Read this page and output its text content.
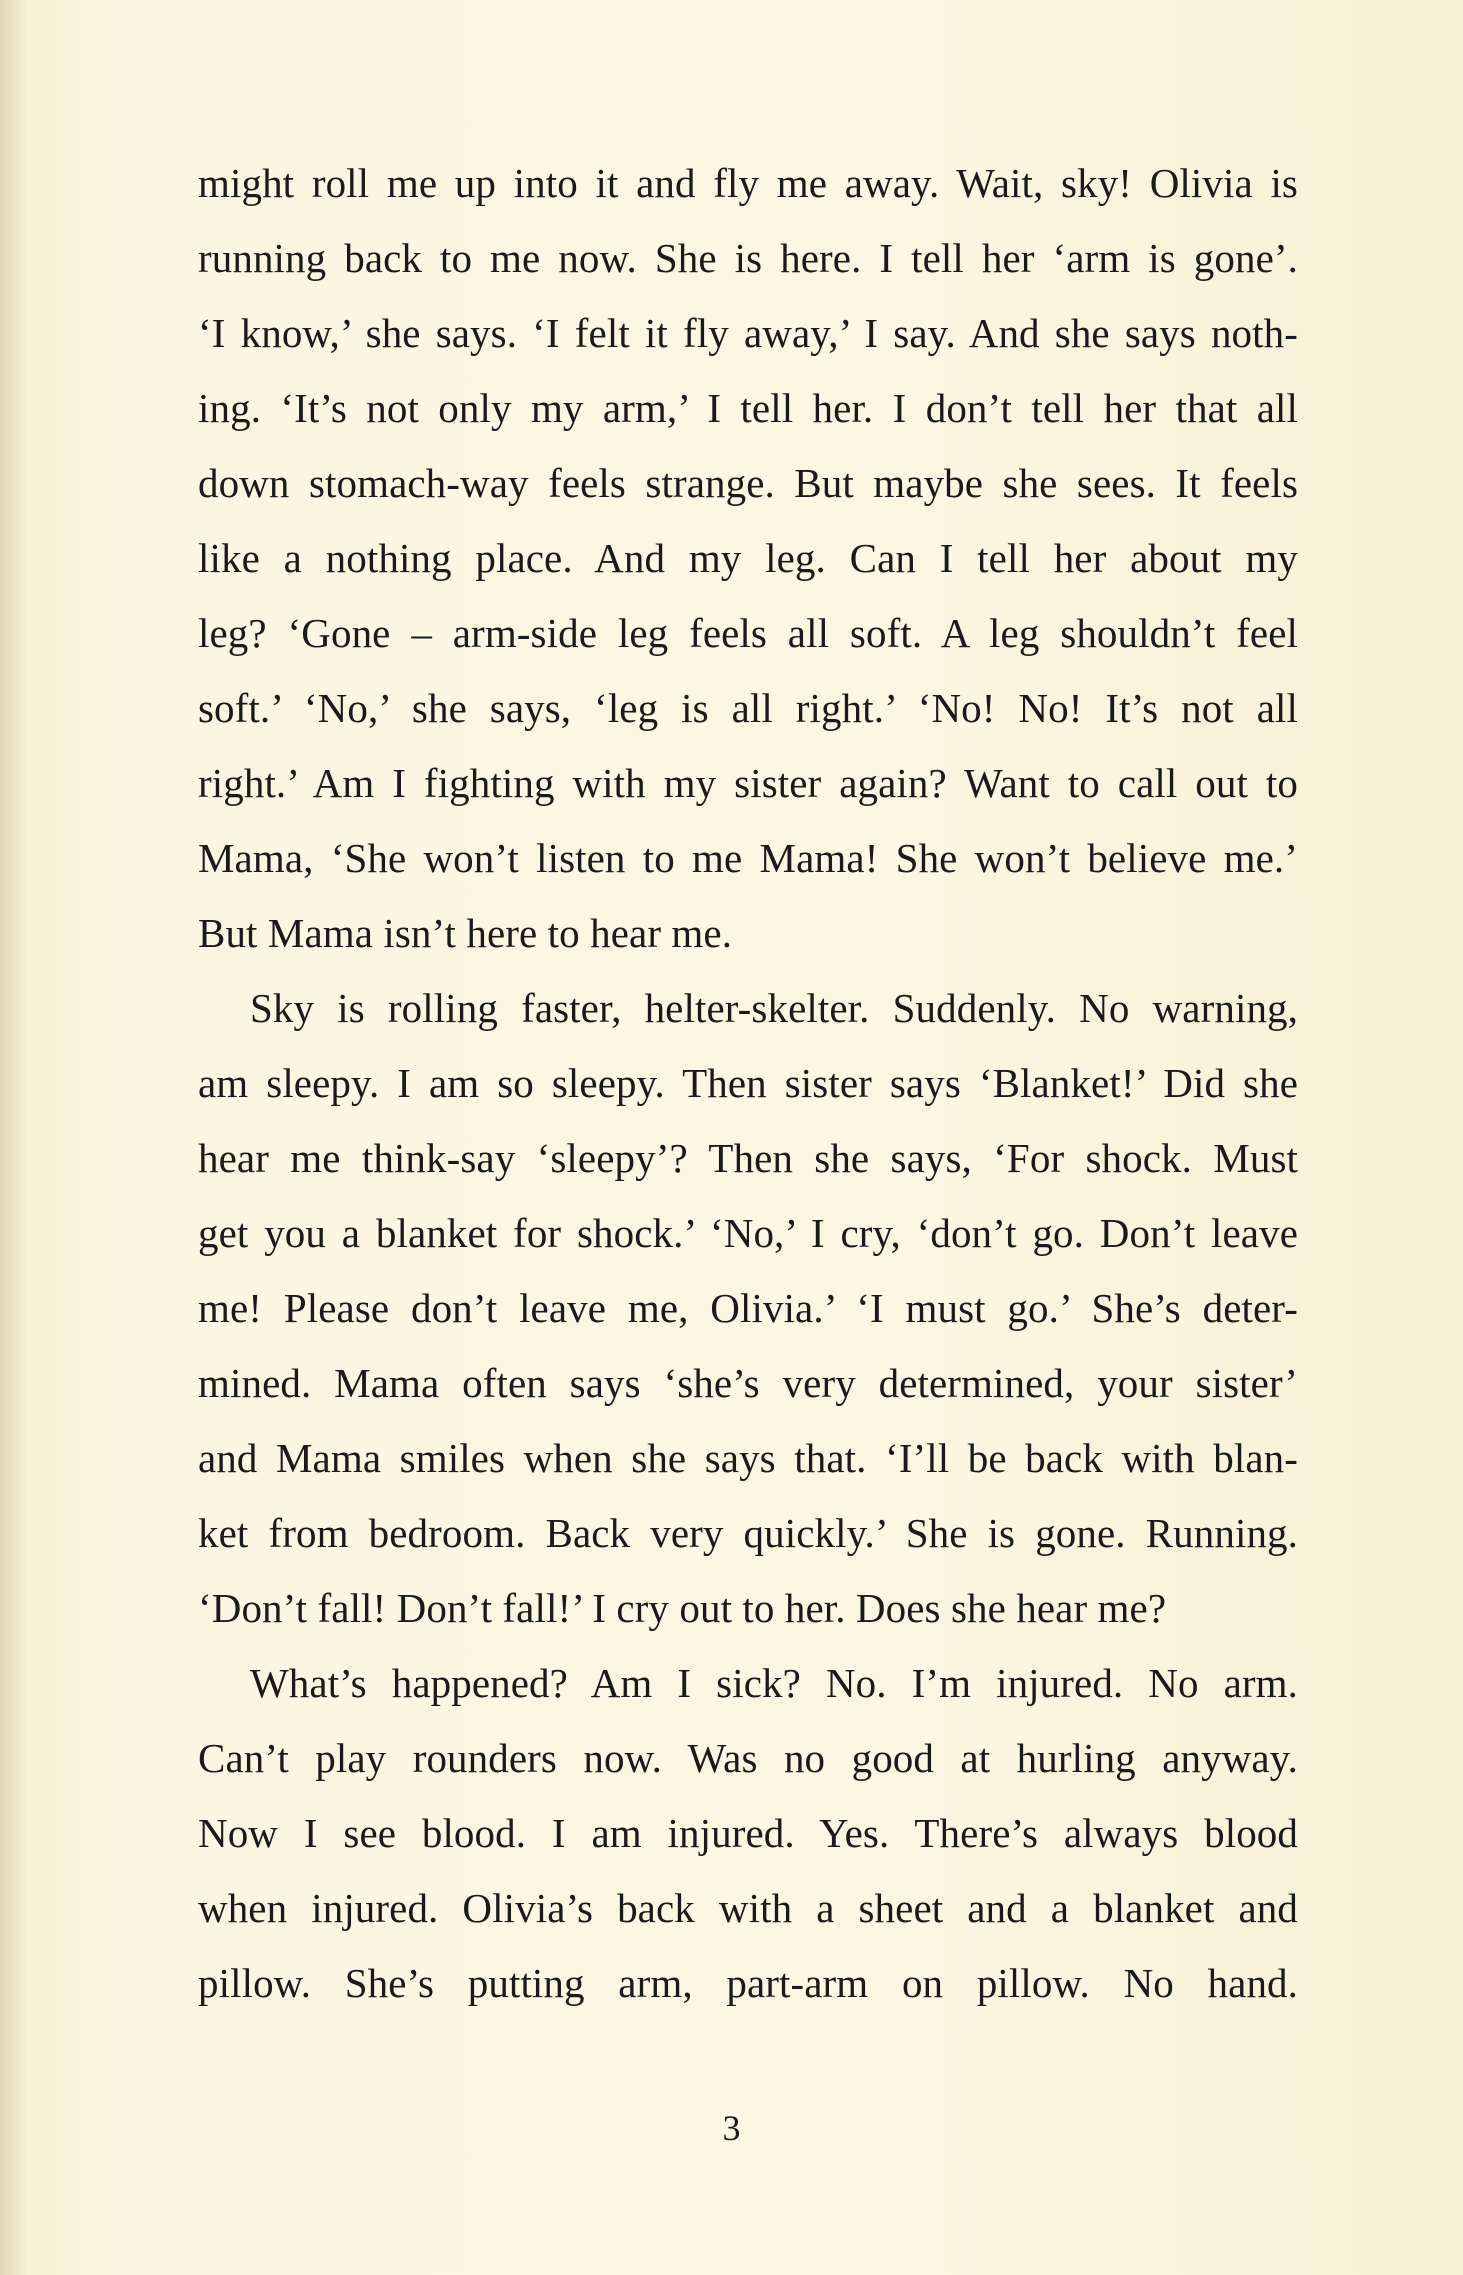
might roll me up into it and fly me away. Wait, sky! Olivia is
running back to me now. She is here. I tell her ‘arm is gone’.
‘I know,’ she says. ‘I felt it fly away,’ I say. And she says noth-
ing. ‘It’s not only my arm,’ I tell her. I don’t tell her that all
down stomach-way feels strange. But maybe she sees. It feels
like a nothing place. And my leg. Can I tell her about my
leg? ‘Gone – arm-side leg feels all soft. A leg shouldn’t feel
soft.’ ‘No,’ she says, ‘leg is all right.’ ‘No! No! It’s not all
right.’ Am I fighting with my sister again? Want to call out to
Mama, ‘She won’t listen to me Mama! She won’t believe me.’
But Mama isn’t here to hear me.
Sky is rolling faster, helter-skelter. Suddenly. No warning,
am sleepy. I am so sleepy. Then sister says ‘Blanket!’ Did she
hear me think-say ‘sleepy’? Then she says, ‘For shock. Must
get you a blanket for shock.’ ‘No,’ I cry, ‘don’t go. Don’t leave
me! Please don’t leave me, Olivia.’ ‘I must go.’ She’s deter-
mined. Mama often says ‘she’s very determined, your sister’
and Mama smiles when she says that. ‘I’ll be back with blan-
ket from bedroom. Back very quickly.’ She is gone. Running.
‘Don’t fall! Don’t fall!’ I cry out to her. Does she hear me?
What’s happened? Am I sick? No. I’m injured. No arm.
Can’t play rounders now. Was no good at hurling anyway.
Now I see blood. I am injured. Yes. There’s always blood
when injured. Olivia’s back with a sheet and a blanket and
pillow. She’s putting arm, part-arm on pillow. No hand.
3
